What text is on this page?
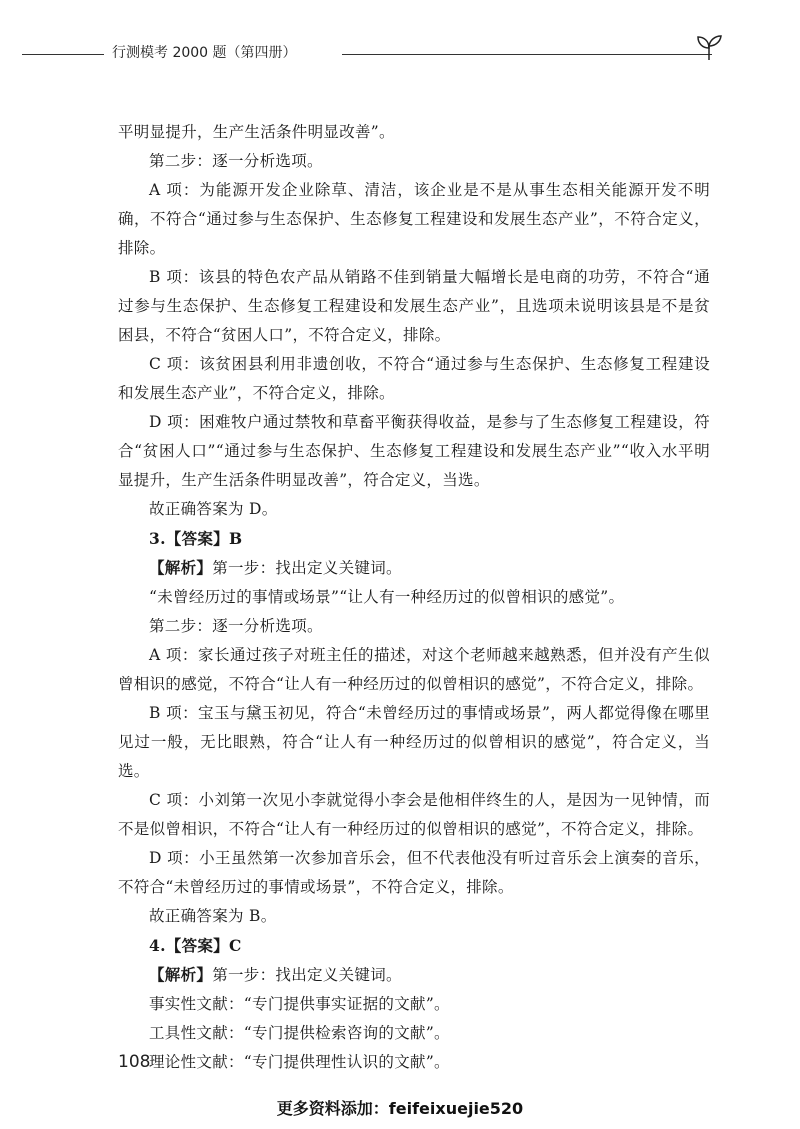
行测模考 2000 题（第四册）

平明显提升，生产生活条件明显改善”。

第二步：逐一分析选项。

A 项：为能源开发企业除草、清洁，该企业是不是从事生态相关能源开发不明确，不符合“通过参与生态保护、生态修复工程建设和发展生态产业”，不符合定义，排除。

B 项：该县的特色农产品从销路不佳到销量大幅增长是电商的功劳，不符合“通过参与生态保护、生态修复工程建设和发展生态产业”，且选项未说明该县是不是贫困县，不符合“贫困人口”，不符合定义，排除。

C 项：该贫困县利用非遗创收，不符合“通过参与生态保护、生态修复工程建设和发展生态产业”，不符合定义，排除。

D 项：困难牧户通过禁牧和草畜平衡获得收益，是参与了生态修复工程建设，符合“贫困人口”“通过参与生态保护、生态修复工程建设和发展生态产业”“收入水平明显提升，生产生活条件明显改善”，符合定义，当选。

故正确答案为 D。

3.【答案】B

【解析】第一步：找出定义关键词。

“未曾经历过的事情或场景”“让人有一种经历过的似曾相识的感觉”。

第二步：逐一分析选项。

A 项：家长通过孩子对班主任的描述，对这个老师越来越熟悉，但并没有产生似曾相识的感觉，不符合“让人有一种经历过的似曾相识的感觉”，不符合定义，排除。

B 项：宝玉与黛玉初见，符合“未曾经历过的事情或场景”，两人都觉得像在哪里见过一般，无比眼熟，符合“让人有一种经历过的似曾相识的感觉”，符合定义，当选。

C 项：小刘第一次见小李就觉得小李会是他相伴终生的人，是因为一见钟情，而不是似曾相识，不符合“让人有一种经历过的似曾相识的感觉”，不符合定义，排除。

D 项：小王虽然第一次参加音乐会，但不代表他没有听过音乐会上演奏的音乐，不符合“未曾经历过的事情或场景”，不符合定义，排除。

故正确答案为 B。

4.【答案】C

【解析】第一步：找出定义关键词。

事实性文献：“专门提供事实证据的文献”。

工具性文献：“专门提供检索咨询的文献”。

理论性文献：“专门提供理性认识的文献”。

108
更多资料添加：feifeixuejie520
